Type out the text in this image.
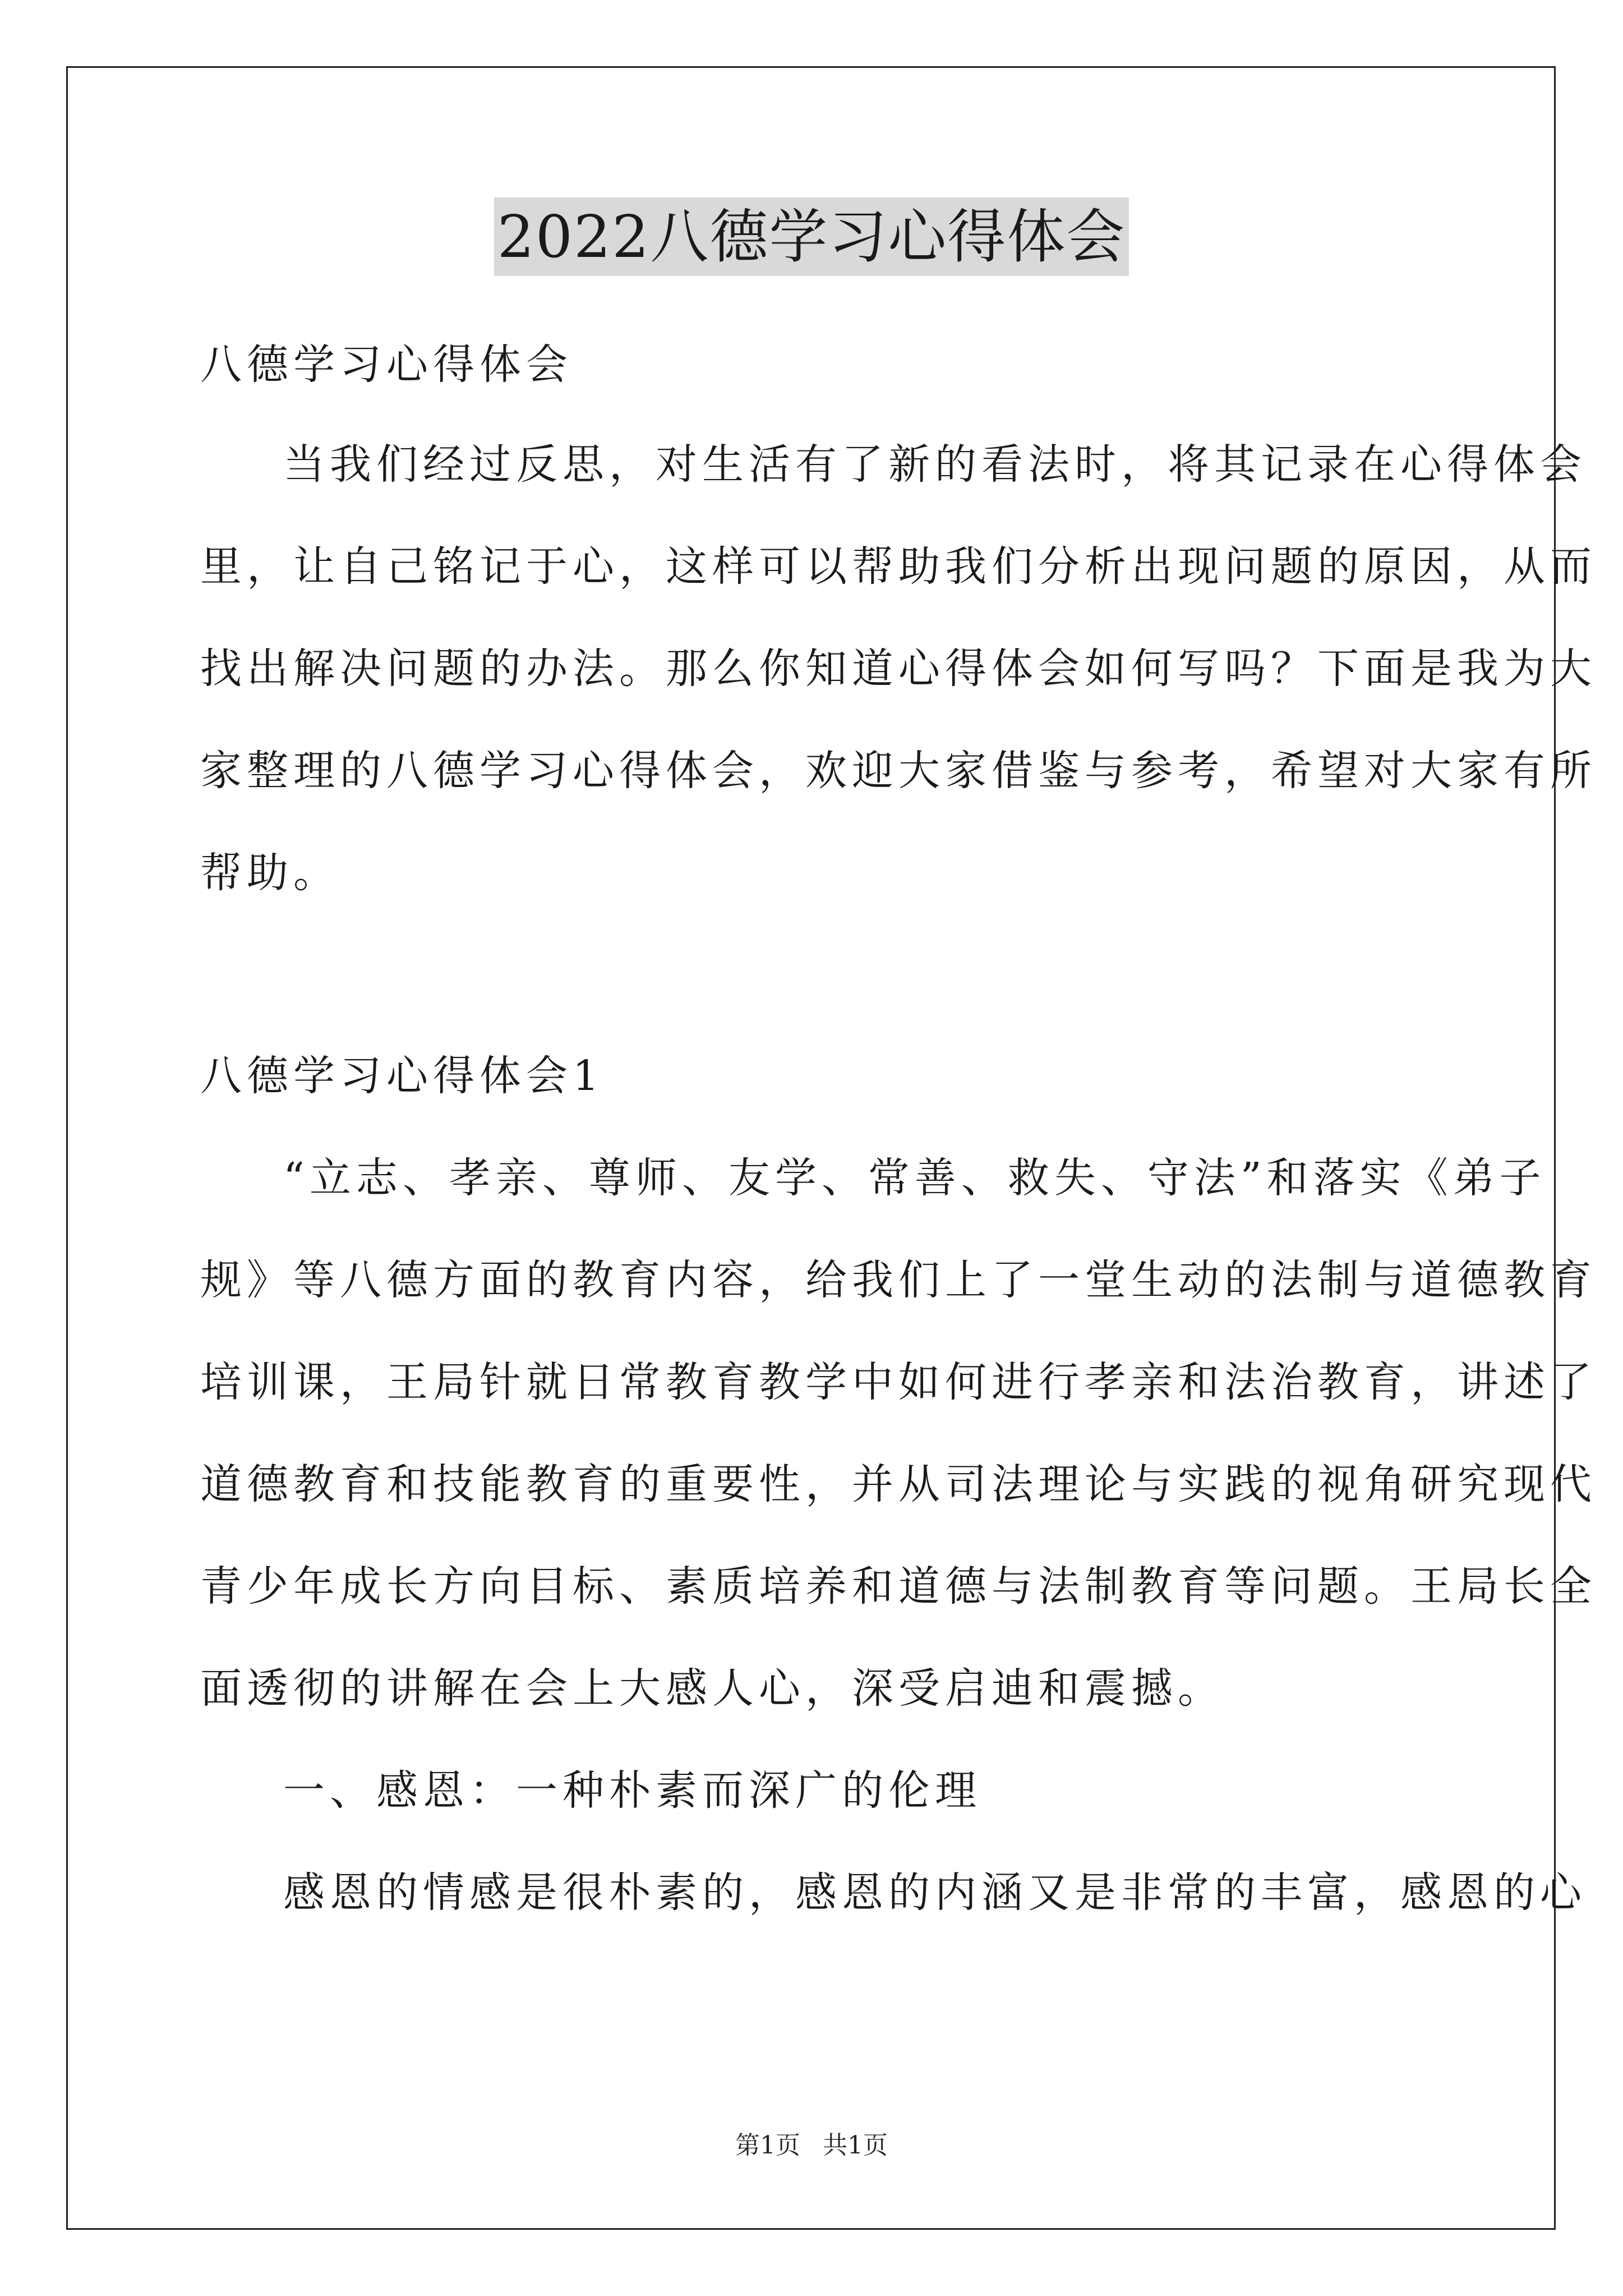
2022八德学习心得体会
八德学习心得体会
当我们经过反思，对生活有了新的看法时，将其记录在心得体会
里，让自己铭记于心，这样可以帮助我们分析出现问题的原因，从而
找出解决问题的办法。那么你知道心得体会如何写吗？下面是我为大
家整理的八德学习心得体会，欢迎大家借鉴与参考，希望对大家有所
帮助。
八德学习心得体会1
“立志、孝亲、尊师、友学、常善、救失、守法”和落实《弟子
规》等八德方面的教育内容，给我们上了一堂生动的法制与道德教育
培训课，王局针就日常教育教学中如何进行孝亲和法治教育，讲述了
道德教育和技能教育的重要性，并从司法理论与实践的视角研究现代
青少年成长方向目标、素质培养和道德与法制教育等问题。王局长全
面透彻的讲解在会上大感人心，深受启迪和震撼。
一、感恩：一种朴素而深广的伦理
感恩的情感是很朴素的，感恩的内涵又是非常的丰富，感恩的心
第1页 共1页
